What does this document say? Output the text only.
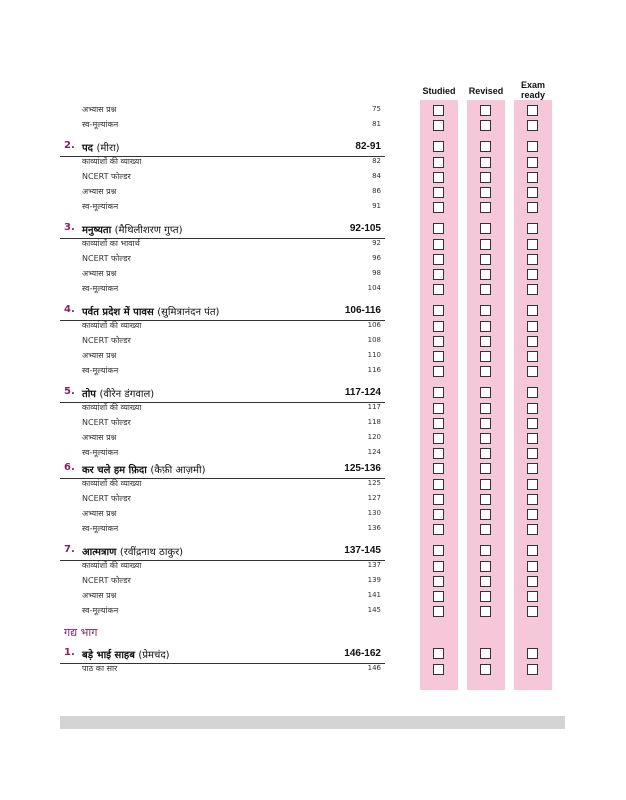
Studied	Revised
Exam
ready
अभ्यास प्रश्न	75
स्व-मूल्यांकन	81
2. पद (मीरा)	82-91
काव्यांशों की व्याख्या	82
NCERT फोल्डर	84
अभ्यास प्रश्न	86
स्व-मूल्यांकन	91
3. मनुष्यता (मैथिलीशरण गुप्त)	92-105
काव्यांशों का भावार्थ	92
NCERT फोल्डर	96
अभ्यास प्रश्न	98
स्व-मूल्यांकन	104
4. पर्वत प्रदेश में पावस (सुमित्रानंदन पंत)	106-116
काव्यांशों की व्याख्या	106
NCERT फोल्डर	108
अभ्यास प्रश्न	110
स्व-मूल्यांकन	116
5. तोप (वीरेन डंगवाल)	117-124
काव्यांशों की व्याख्या	117
NCERT फोल्डर	118
अभ्यास प्रश्न	120
स्व-मूल्यांकन	124
6. कर चले हम फ़िदा (कैफ़ी आज़मी)	125-136
काव्यांशों की व्याख्या	125
NCERT फोल्डर	127
अभ्यास प्रश्न	130
स्व-मूल्यांकन	136
7. आत्मत्राण (रवींद्रनाथ ठाकुर)	137-145
काव्यांशों की व्याख्या	137
NCERT फोल्डर	139
अभ्यास प्रश्न	141
स्व-मूल्यांकन	145
गद्य भाग
1. बड़े भाई साहब (प्रेमचंद)	146-162
पाठ का सार	146
